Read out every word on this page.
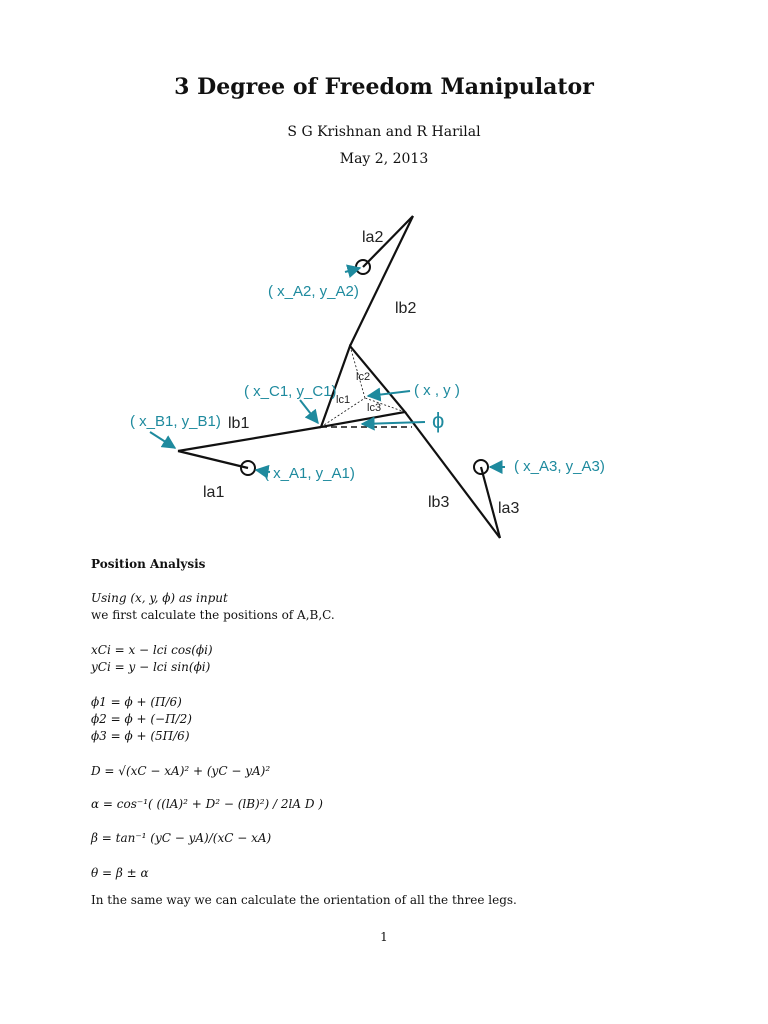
3 Degree of Freedom Manipulator
S G Krishnan and R Harilal
May 2, 2013
la2
lb2
lb1
la1
lb3	la3
lc1
lc2
lc3
( x_A2, y_A2)
( x_C1, y_C1)	( x , y )
ϕ
( x_B1, y_B1)
( x_A1, y_A1)	( x_A3, y_A3)
Position Analysis
Using (x, y, ϕ) as input
we first calculate the positions of A,B,C.
xCi = x − lci cos(ϕi)
yCi = y − lci sin(ϕi)
ϕ1 = ϕ + (Π/6)
ϕ2 = ϕ + (−Π/2)
ϕ3 = ϕ + (5Π/6)
D = √(xC − xA)² + (yC − yA)²
α = cos⁻¹( ((lA)² + D² − (lB)²) / 2lA D )
β = tan⁻¹ (yC − yA)/(xC − xA)
θ = β ± α
In the same way we can calculate the orientation of all the three legs.
1
